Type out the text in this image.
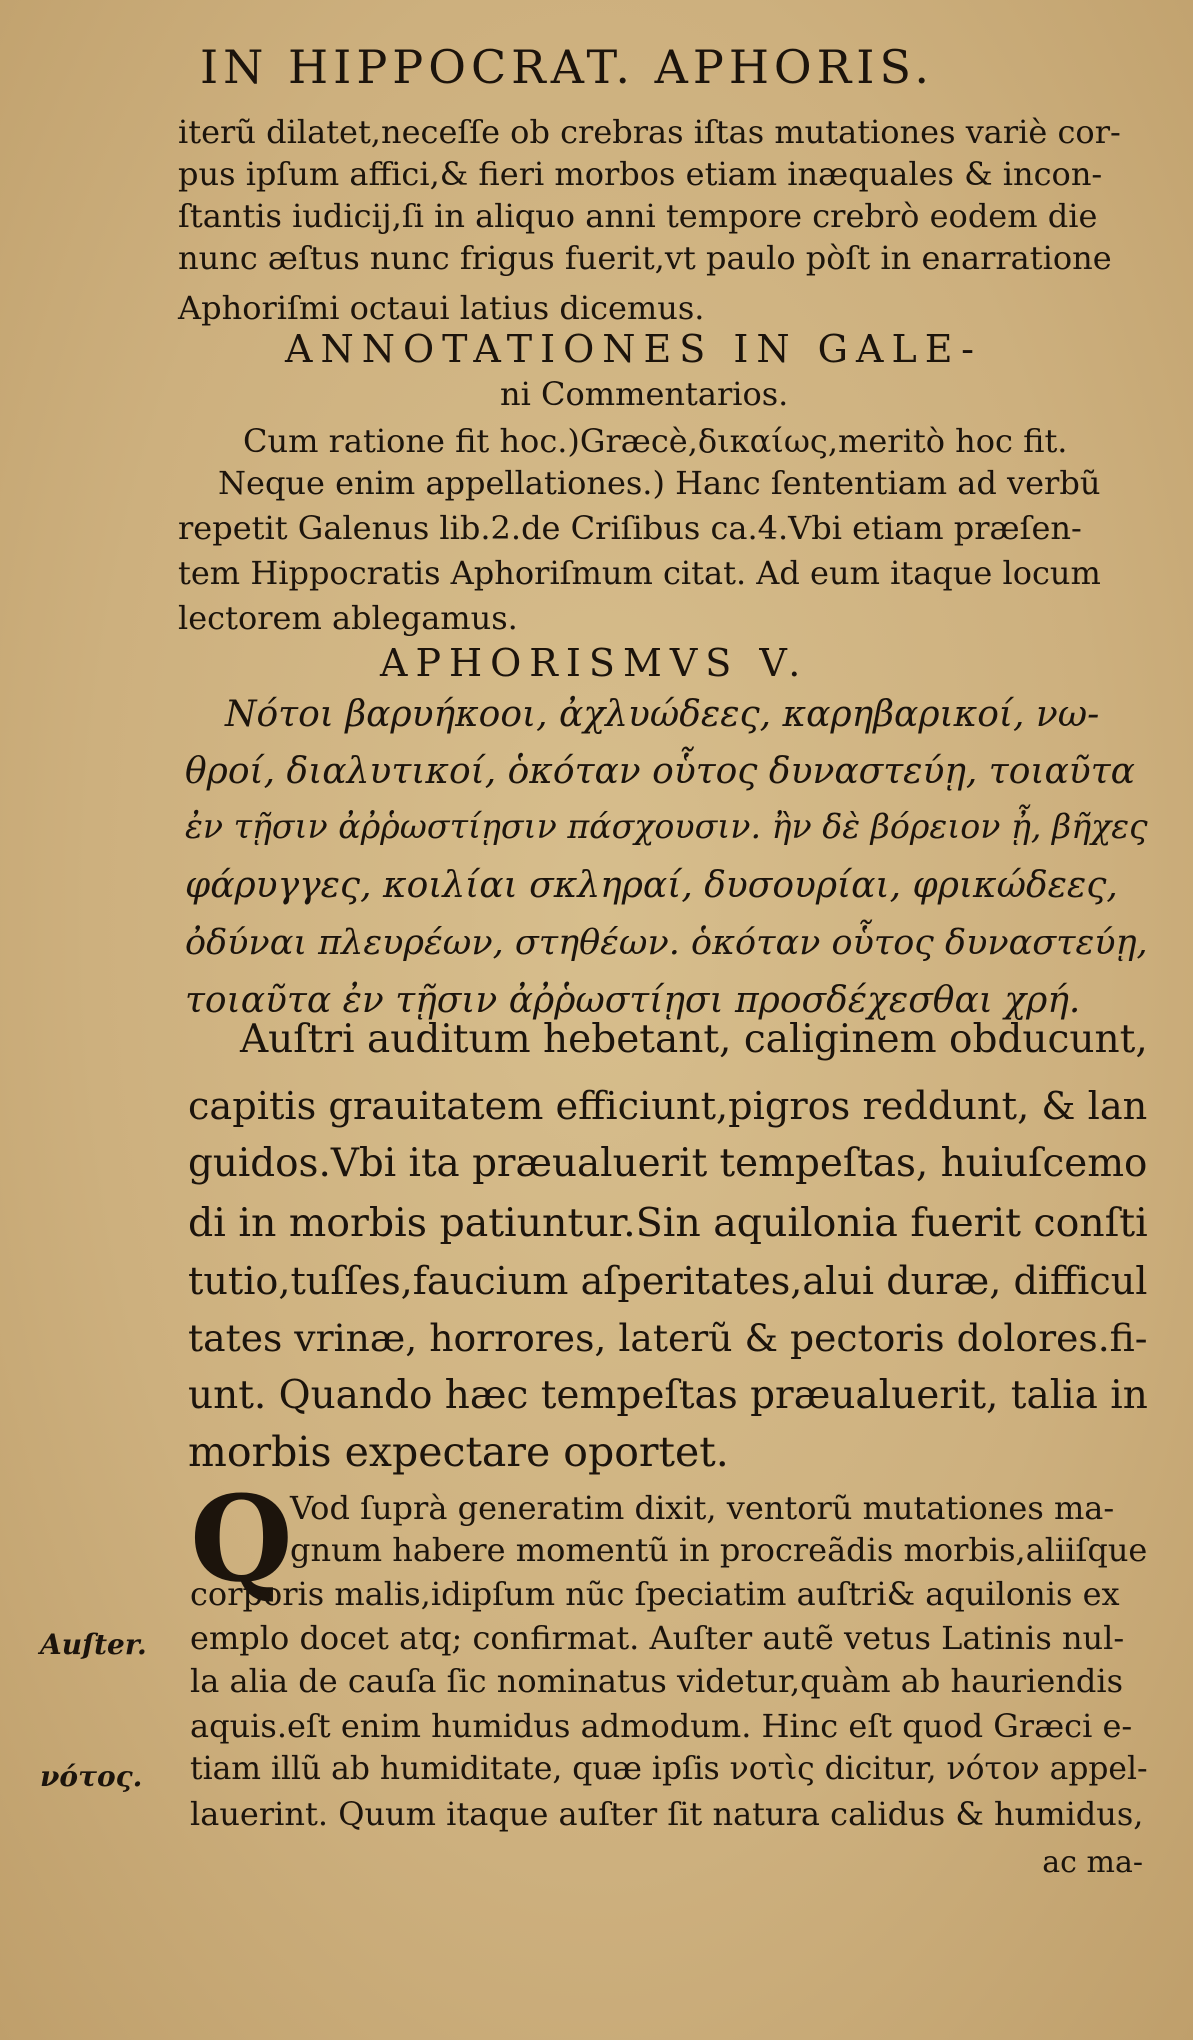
IN HIPPOCRAT. APHORIS.
iterũ dilatet,neceſſe ob crebras iſtas mutationes variè cor-
pus ipſum affici,& fieri morbos etiam inæquales & incon-
ſtantis iudicij,ſi in aliquo anni tempore crebrò eodem die
nunc æſtus nunc frigus fuerit,vt paulo pòſt in enarratione
Aphoriſmi octaui latius dicemus.
ANNOTATIONES IN GALE-
ni Commentarios.
Cum ratione fit hoc.)Græcè,δικαίως,meritò hoc fit.
Neque enim appellationes.) Hanc ſententiam ad verbũ
repetit Galenus lib.2.de Criſibus ca.4.Vbi etiam præſen-
tem Hippocratis Aphoriſmum citat. Ad eum itaque locum
lectorem ablegamus.
APHORISMVS V.
Νότοι βαρυήκοοι, ἀχλυώδεες, καρηβαρικοί, νω-
θροί, διαλυτικοί, ὁκόταν οὗτος δυναστεύῃ, τοιαῦτα
ἐν τῇσιν ἀῤῥωστίῃσιν πάσχουσιν. ἢν δὲ βόρειον ᾖ, βῆχες
φάρυγγες, κοιλίαι σκληραί, δυσουρίαι, φρικώδεες,
ὀδύναι πλευρέων, στηθέων. ὁκόταν οὗτος δυναστεύῃ,
τοιαῦτα ἐν τῇσιν ἀῤῥωστίῃσι προσδέχεσθαι χρή.
Auſtri auditum hebetant, caliginem obducunt,
capitis grauitatem efficiunt,pigros reddunt, & lan
guidos.Vbi ita præualuerit tempeſtas, huiuſcemo
di in morbis patiuntur.Sin aquilonia fuerit conſti
tutio,tuſſes,faucium aſperitates,alui duræ, difficul
tates vrinæ, horrores, laterũ & pectoris dolores.fi-
unt. Quando hæc tempeſtas præualuerit, talia in
morbis expectare oportet.
Q
Vod ſuprà generatim dixit, ventorũ mutationes ma-
gnum habere momentũ in procreãdis morbis,aliiſque
corporis malis,idipſum nũc ſpeciatim auſtri& aquilonis ex
emplo docet atq; confirmat. Auſter autẽ vetus Latinis nul-
la alia de cauſa ſic nominatus videtur,quàm ab hauriendis
aquis.eſt enim humidus admodum. Hinc eſt quod Græci e-
tiam illũ ab humiditate, quæ ipſis νοτὶς dicitur, νότον appel-
lauerint. Quum itaque auſter ſit natura calidus & humidus,
Auſter.
νότος.
ac ma-
